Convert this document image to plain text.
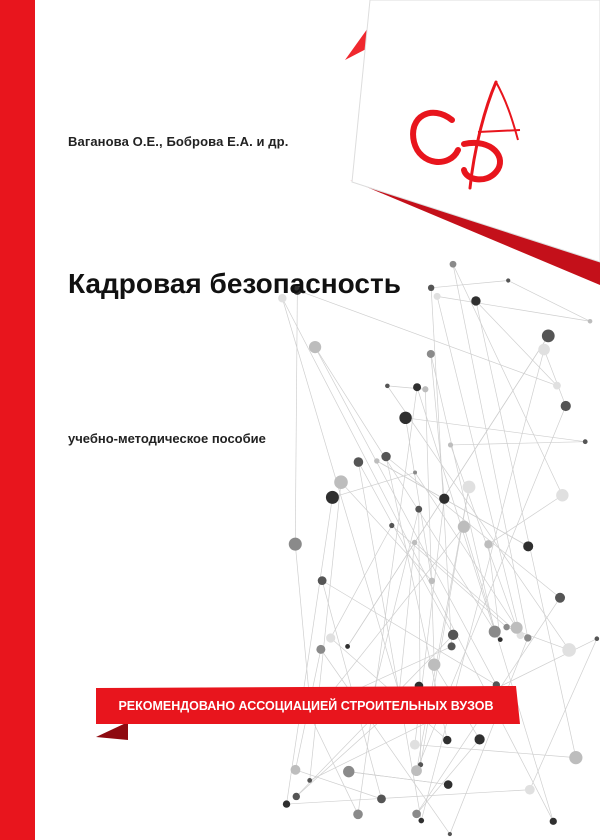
Ваганова О.Е., Боброва Е.А. и др.
Кадровая безопасность
учебно-методическое пособие
РЕКОМЕНДОВАНО АССОЦИАЦИЕЙ СТРОИТЕЛЬНЫХ ВУЗОВ
